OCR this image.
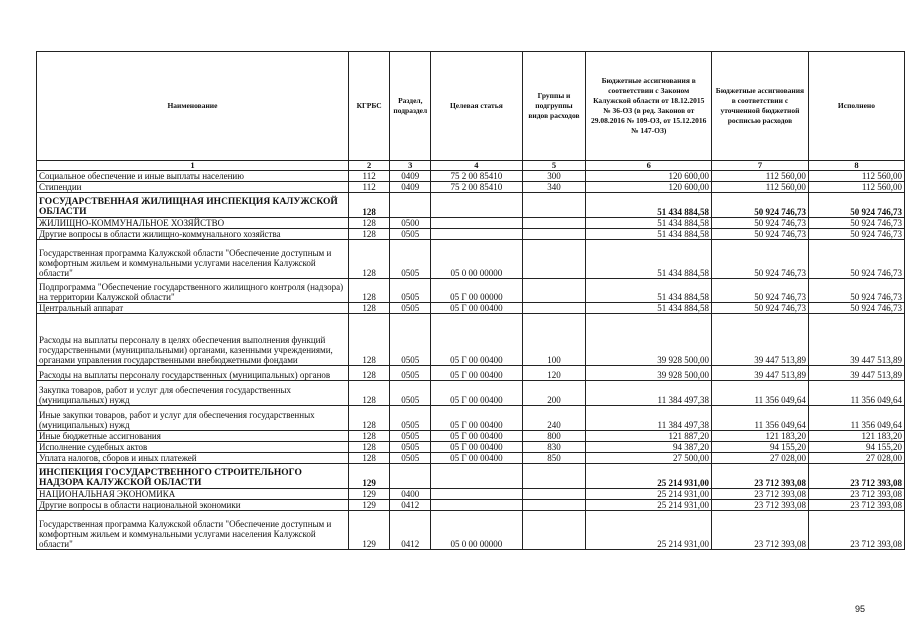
Наименование	КГРБС	Раздел, подраздел	Целевая статья	Группы и подгруппы видов расходов	Бюджетные ассигнования в соответствии с Законом Калужской области от 18.12.2015 № 36-ОЗ (в ред. Законов от 29.08.2016 № 109-ОЗ, от 15.12.2016 № 147-ОЗ)	Бюджетные ассигнования в соответствии с уточненной бюджетной росписью расходов	Исполнено
1	2	3	4	5	6	7	8
Социальное обеспечение и иные выплаты населению	112	0409	75 2 00 85410	300	120 600,00	112 560,00	112 560,00
Стипендии	112	0409	75 2 00 85410	340	120 600,00	112 560,00	112 560,00
ГОСУДАРСТВЕННАЯ ЖИЛИЩНАЯ ИНСПЕКЦИЯ КАЛУЖСКОЙ ОБЛАСТИ	128				51 434 884,58	50 924 746,73	50 924 746,73
ЖИЛИЩНО-КОММУНАЛЬНОЕ ХОЗЯЙСТВО	128	0500			51 434 884,58	50 924 746,73	50 924 746,73
Другие вопросы в области жилищно-коммунального хозяйства	128	0505			51 434 884,58	50 924 746,73	50 924 746,73
Государственная программа Калужской области "Обеспечение доступным и комфортным жильем и коммунальными услугами населения Калужской области"	128	0505	05 0 00 00000		51 434 884,58	50 924 746,73	50 924 746,73
Подпрограмма "Обеспечение государственного жилищного контроля (надзора) на территории Калужской области"	128	0505	05 Г 00 00000		51 434 884,58	50 924 746,73	50 924 746,73
Центральный аппарат	128	0505	05 Г 00 00400		51 434 884,58	50 924 746,73	50 924 746,73
Расходы на выплаты персоналу в целях обеспечения выполнения функций государственными (муниципальными) органами, казенными учреждениями, органами управления государственными внебюджетными фондами	128	0505	05 Г 00 00400	100	39 928 500,00	39 447 513,89	39 447 513,89
Расходы на выплаты персоналу государственных (муниципальных) органов	128	0505	05 Г 00 00400	120	39 928 500,00	39 447 513,89	39 447 513,89
Закупка товаров, работ и услуг для обеспечения государственных (муниципальных) нужд	128	0505	05 Г 00 00400	200	11 384 497,38	11 356 049,64	11 356 049,64
Иные закупки товаров, работ и услуг для обеспечения государственных (муниципальных) нужд	128	0505	05 Г 00 00400	240	11 384 497,38	11 356 049,64	11 356 049,64
Иные бюджетные ассигнования	128	0505	05 Г 00 00400	800	121 887,20	121 183,20	121 183,20
Исполнение судебных актов	128	0505	05 Г 00 00400	830	94 387,20	94 155,20	94 155,20
Уплата налогов, сборов и иных платежей	128	0505	05 Г 00 00400	850	27 500,00	27 028,00	27 028,00
ИНСПЕКЦИЯ ГОСУДАРСТВЕННОГО СТРОИТЕЛЬНОГО НАДЗОРА КАЛУЖСКОЙ ОБЛАСТИ	129				25 214 931,00	23 712 393,08	23 712 393,08
НАЦИОНАЛЬНАЯ ЭКОНОМИКА	129	0400			25 214 931,00	23 712 393,08	23 712 393,08
Другие вопросы в области национальной экономики	129	0412			25 214 931,00	23 712 393,08	23 712 393,08
Государственная программа Калужской области "Обеспечение доступным и комфортным жильем и коммунальными услугами населения Калужской области"	129	0412	05 0 00 00000		25 214 931,00	23 712 393,08	23 712 393,08
95
